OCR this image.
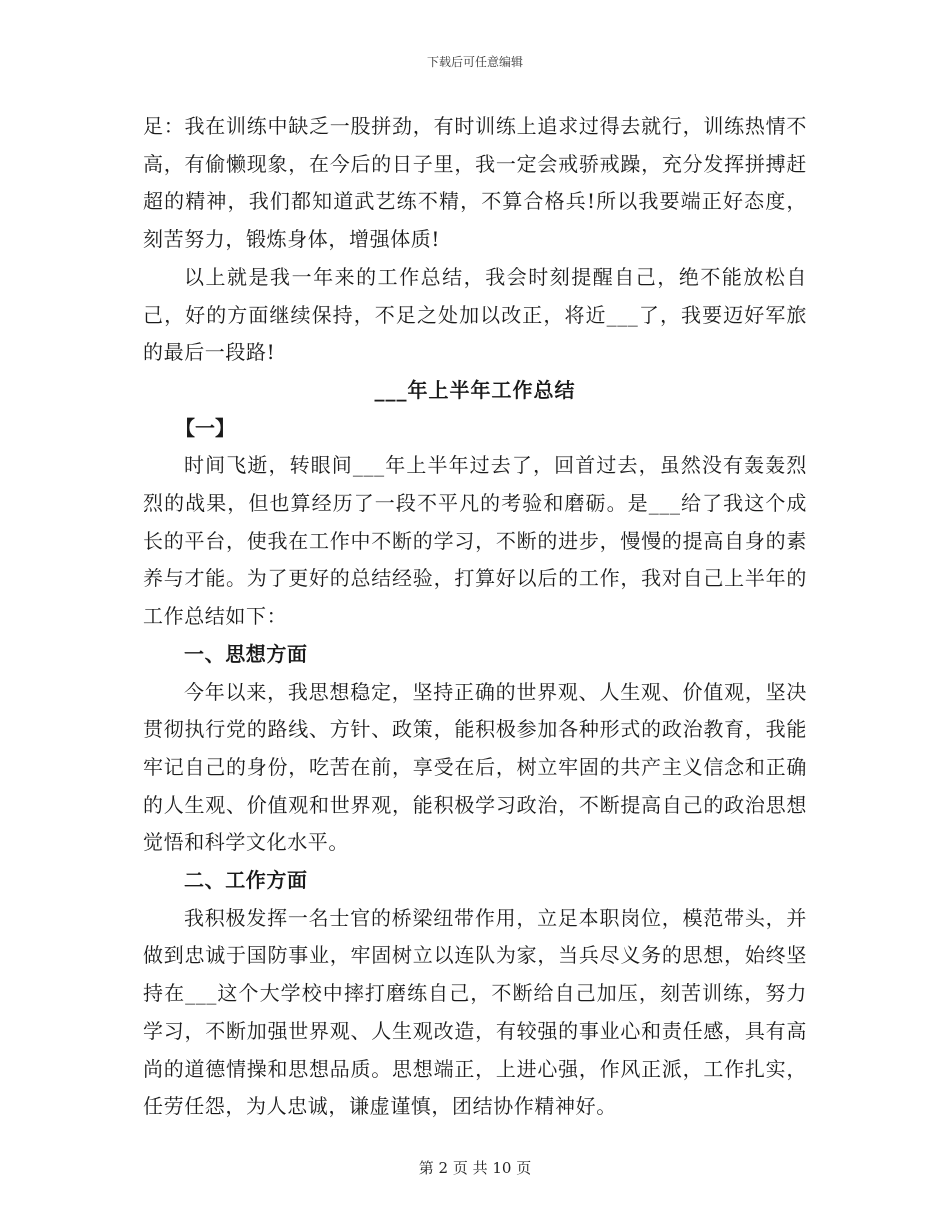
下载后可任意编辑

足：我在训练中缺乏一股拼劲，有时训练上追求过得去就行，训练热情不高，有偷懒现象，在今后的日子里，我一定会戒骄戒躁，充分发挥拼搏赶超的精神，我们都知道武艺练不精，不算合格兵!所以我要端正好态度，刻苦努力，锻炼身体，增强体质!

以上就是我一年来的工作总结，我会时刻提醒自己，绝不能放松自己，好的方面继续保持，不足之处加以改正，将近___了，我要迈好军旅的最后一段路!

___年上半年工作总结

【一】

时间飞逝，转眼间___年上半年过去了，回首过去，虽然没有轰轰烈烈的战果，但也算经历了一段不平凡的考验和磨砺。是___给了我这个成长的平台，使我在工作中不断的学习，不断的进步，慢慢的提高自身的素养与才能。为了更好的总结经验，打算好以后的工作，我对自己上半年的工作总结如下：

一、思想方面

今年以来，我思想稳定，坚持正确的世界观、人生观、价值观，坚决贯彻执行党的路线、方针、政策，能积极参加各种形式的政治教育，我能牢记自己的身份，吃苦在前，享受在后，树立牢固的共产主义信念和正确的人生观、价值观和世界观，能积极学习政治，不断提高自己的政治思想觉悟和科学文化水平。

二、工作方面

我积极发挥一名士官的桥梁纽带作用，立足本职岗位，模范带头，并做到忠诚于国防事业，牢固树立以连队为家，当兵尽义务的思想，始终坚持在___这个大学校中摔打磨练自己，不断给自己加压，刻苦训练，努力学习，不断加强世界观、人生观改造，有较强的事业心和责任感，具有高尚的道德情操和思想品质。思想端正，上进心强，作风正派，工作扎实，任劳任怨，为人忠诚，谦虚谨慎，团结协作精神好。

第 2 页 共 10 页
